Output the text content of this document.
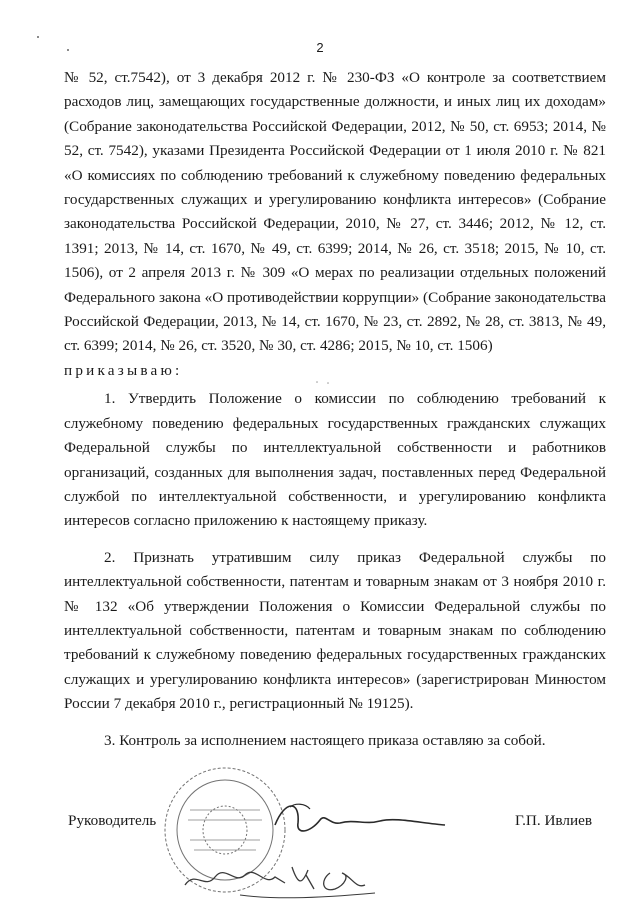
2

№ 52, ст.7542), от 3 декабря 2012 г. № 230-ФЗ «О контроле за соответствием расходов лиц, замещающих государственные должности, и иных лиц их доходам» (Собрание законодательства Российской Федерации, 2012, № 50, ст. 6953; 2014, № 52, ст. 7542), указами Президента Российской Федерации от 1 июля 2010 г. № 821 «О комиссиях по соблюдению требований к служебному поведению федеральных государственных служащих и урегулированию конфликта интересов» (Собрание законодательства Российской Федерации, 2010, № 27, ст. 3446; 2012, № 12, ст. 1391; 2013, № 14, ст. 1670, № 49, ст. 6399; 2014, № 26, ст. 3518; 2015, № 10, ст. 1506), от 2 апреля 2013 г. № 309 «О мерах по реализации отдельных положений Федерального закона «О противодействии коррупции» (Собрание законодательства Российской Федерации, 2013, № 14, ст. 1670, № 23, ст. 2892, № 28, ст. 3813, № 49, ст. 6399; 2014, № 26, ст. 3520, № 30, ст. 4286; 2015, № 10, ст. 1506)

приказываю:

1. Утвердить Положение о комиссии по соблюдению требований к служебному поведению федеральных государственных гражданских служащих Федеральной службы по интеллектуальной собственности и работников организаций, созданных для выполнения задач, поставленных перед Федеральной службой по интеллектуальной собственности, и урегулированию конфликта интересов согласно приложению к настоящему приказу.

2. Признать утратившим силу приказ Федеральной службы по интеллектуальной собственности, патентам и товарным знакам от 3 ноября 2010 г. № 132 «Об утверждении Положения о Комиссии Федеральной службы по интеллектуальной собственности, патентам и товарным знакам по соблюдению требований к служебному поведению федеральных государственных гражданских служащих и урегулированию конфликта интересов» (зарегистрирован Минюстом России 7 декабря 2010 г., регистрационный № 19125).

3. Контроль за исполнением настоящего приказа оставляю за собой.

Руководитель	Г.П. Ивлиев
